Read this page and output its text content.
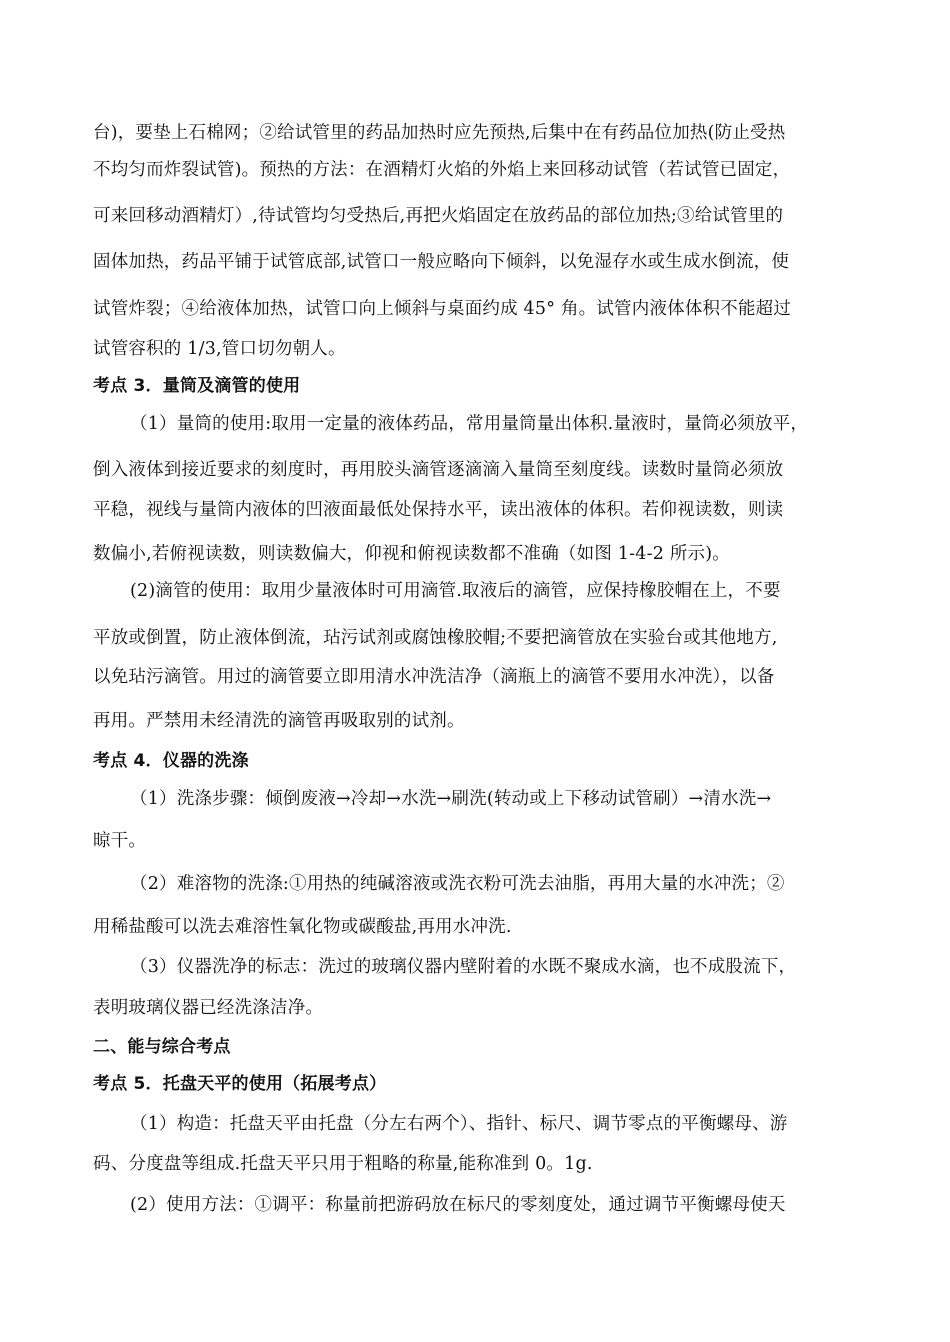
台)，要垫上石棉网；②给试管里的药品加热时应先预热,后集中在有药品位加热(防止受热
不均匀而炸裂试管)。预热的方法：在酒精灯火焰的外焰上来回移动试管（若试管已固定，
可来回移动酒精灯）,待试管均匀受热后,再把火焰固定在放药品的部位加热;③给试管里的
固体加热，药品平铺于试管底部,试管口一般应略向下倾斜，以免湿存水或生成水倒流，使
试管炸裂；④给液体加热，试管口向上倾斜与桌面约成 45° 角。试管内液体体积不能超过
试管容积的 1/3,管口切勿朝人。
考点 3．量筒及滴管的使用
（1）量筒的使用:取用一定量的液体药品，常用量筒量出体积.量液时，量筒必须放平，
倒入液体到接近要求的刻度时，再用胶头滴管逐滴滴入量筒至刻度线。读数时量筒必须放
平稳，视线与量筒内液体的凹液面最低处保持水平，读出液体的体积。若仰视读数，则读
数偏小,若俯视读数，则读数偏大，仰视和俯视读数都不准确（如图 1-4-2 所示)。
(2)滴管的使用：取用少量液体时可用滴管.取液后的滴管，应保持橡胶帽在上，不要
平放或倒置，防止液体倒流，玷污试剂或腐蚀橡胶帽;不要把滴管放在实验台或其他地方,
以免玷污滴管。用过的滴管要立即用清水冲洗洁净（滴瓶上的滴管不要用水冲洗），以备
再用。严禁用未经清洗的滴管再吸取别的试剂。
考点 4．仪器的洗涤
（1）洗涤步骤：倾倒废液→冷却→水洗→刷洗(转动或上下移动试管刷）→清水洗→
晾干。
（2）难溶物的洗涤:①用热的纯碱溶液或洗衣粉可洗去油脂，再用大量的水冲洗；②
用稀盐酸可以洗去难溶性氧化物或碳酸盐,再用水冲洗.
（3）仪器洗净的标志：洗过的玻璃仪器内壁附着的水既不聚成水滴，也不成股流下，
表明玻璃仪器已经洗涤洁净。
二、能与综合考点
考点 5．托盘天平的使用（拓展考点）
（1）构造：托盘天平由托盘（分左右两个）、指针、标尺、调节零点的平衡螺母、游
码、分度盘等组成.托盘天平只用于粗略的称量,能称准到 0。1g.
(2）使用方法：①调平：称量前把游码放在标尺的零刻度处，通过调节平衡螺母使天
